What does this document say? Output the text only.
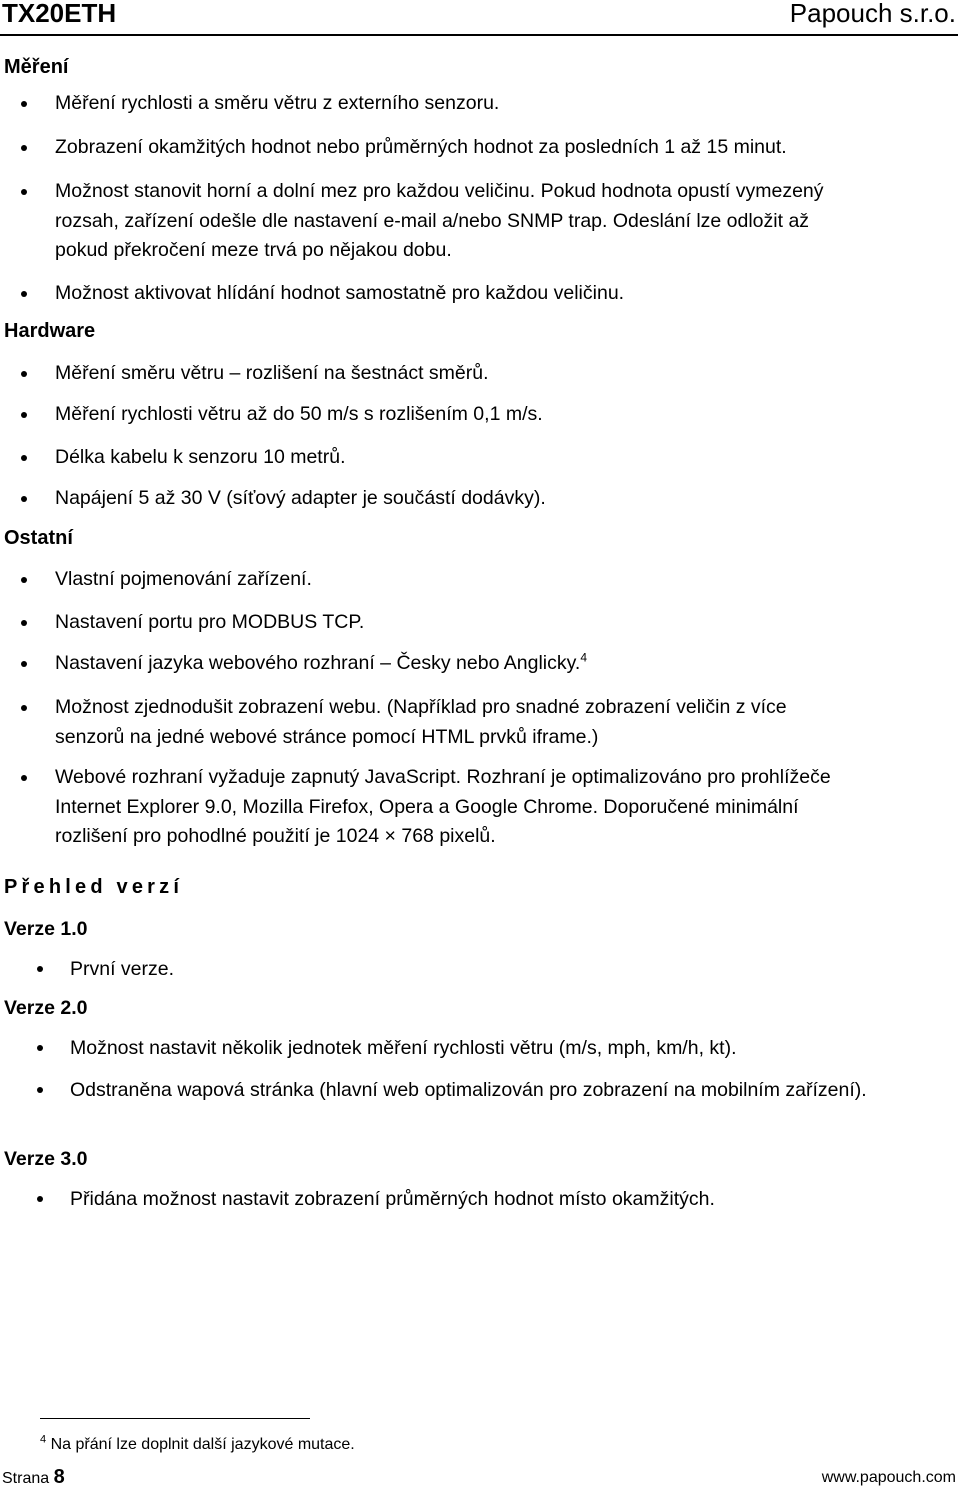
TX20ETH	Papouch s.r.o.
Měření
Měření rychlosti a směru větru z externího senzoru.
Zobrazení okamžitých hodnot nebo průměrných hodnot za posledních 1 až 15 minut.
Možnost stanovit horní a dolní mez pro každou veličinu. Pokud hodnota opustí vymezený
rozsah, zařízení odešle dle nastavení e-mail a/nebo SNMP trap. Odeslání lze odložit až
pokud překročení meze trvá po nějakou dobu.
Možnost aktivovat hlídání hodnot samostatně pro každou veličinu.
Hardware
Měření směru větru – rozlišení na šestnáct směrů.
Měření rychlosti větru až do 50 m/s s rozlišením 0,1 m/s.
Délka kabelu k senzoru 10 metrů.
Napájení 5 až 30 V (síťový adapter je součástí dodávky).
Ostatní
Vlastní pojmenování zařízení.
Nastavení portu pro MODBUS TCP.
Nastavení jazyka webového rozhraní – Česky nebo Anglicky.$^4$
Možnost zjednodušit zobrazení webu. (Například pro snadné zobrazení veličin z více
senzorů na jedné webové stránce pomocí HTML prvků iframe.)
Webové rozhraní vyžaduje zapnutý JavaScript. Rozhraní je optimalizováno pro prohlížeče
Internet Explorer 9.0, Mozilla Firefox, Opera a Google Chrome. Doporučené minimální
rozlišení pro pohodlné použití je 1024 × 768 pixelů.
Přehled verzí
Verze 1.0
První verze.
Verze 2.0
Možnost nastavit několik jednotek měření rychlosti větru (m/s, mph, km/h, kt).
Odstraněna wapová stránka (hlavní web optimalizován pro zobrazení na mobilním zařízení).
Verze 3.0
Přidána možnost nastavit zobrazení průměrných hodnot místo okamžitých.
$^4$ Na přání lze doplnit další jazykové mutace.
Strana 8	www.papouch.com
